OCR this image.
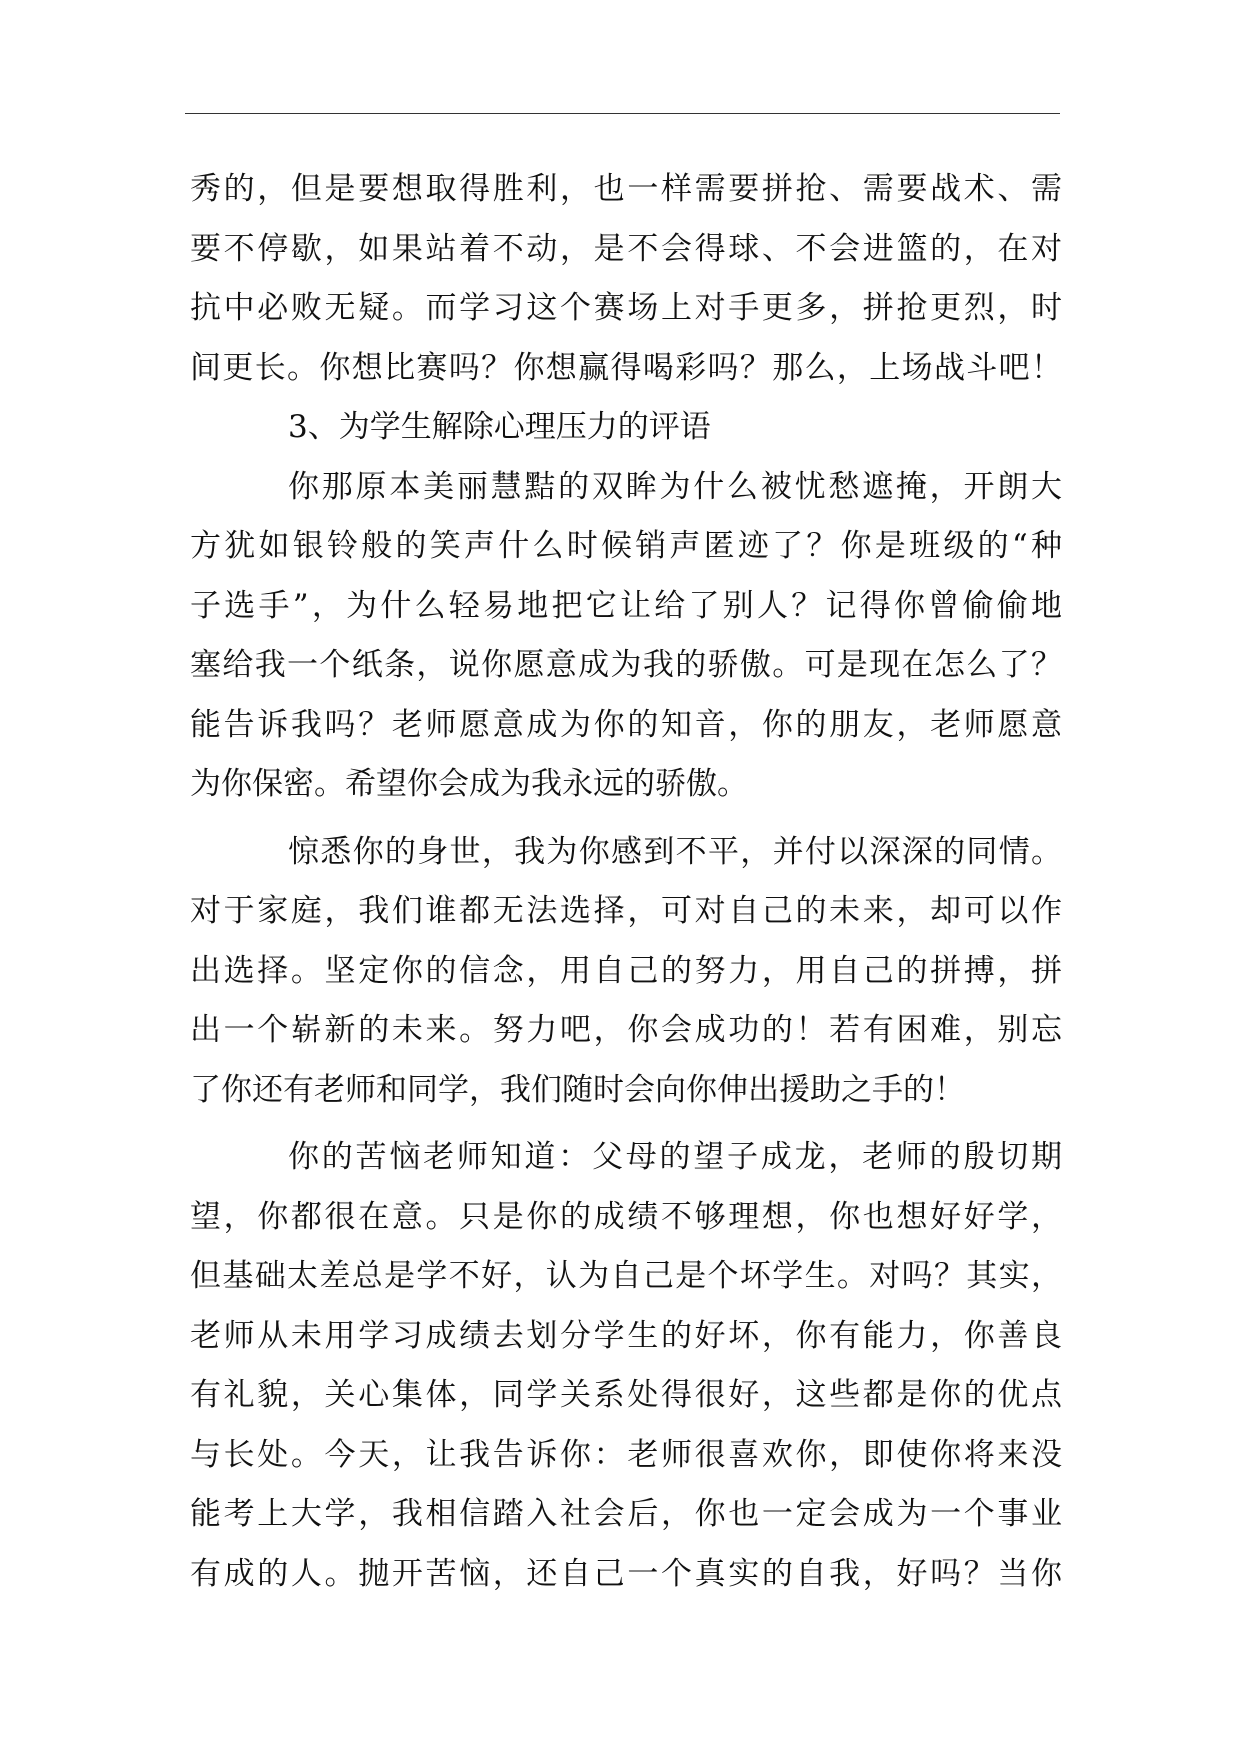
秀的，但是要想取得胜利，也一样需要拼抢、需要战术、需
要不停歇，如果站着不动，是不会得球、不会进篮的，在对
抗中必败无疑。而学习这个赛场上对手更多，拼抢更烈，时
间更长。你想比赛吗？你想赢得喝彩吗？那么，上场战斗吧！
3、为学生解除心理压力的评语
你那原本美丽慧黠的双眸为什么被忧愁遮掩，开朗大
方犹如银铃般的笑声什么时候销声匿迹了？你是班级的“种
子选手”，为什么轻易地把它让给了别人？记得你曾偷偷地
塞给我一个纸条，说你愿意成为我的骄傲。可是现在怎么了？
能告诉我吗？老师愿意成为你的知音，你的朋友，老师愿意
为你保密。希望你会成为我永远的骄傲。
惊悉你的身世，我为你感到不平，并付以深深的同情。
对于家庭，我们谁都无法选择，可对自己的未来，却可以作
出选择。坚定你的信念，用自己的努力，用自己的拼搏，拼
出一个崭新的未来。努力吧，你会成功的！若有困难，别忘
了你还有老师和同学，我们随时会向你伸出援助之手的！
你的苦恼老师知道：父母的望子成龙，老师的殷切期
望，你都很在意。只是你的成绩不够理想，你也想好好学，
但基础太差总是学不好，认为自己是个坏学生。对吗？其实，
老师从未用学习成绩去划分学生的好坏，你有能力，你善良
有礼貌，关心集体，同学关系处得很好，这些都是你的优点
与长处。今天，让我告诉你：老师很喜欢你，即使你将来没
能考上大学，我相信踏入社会后，你也一定会成为一个事业
有成的人。抛开苦恼，还自己一个真实的自我，好吗？当你
